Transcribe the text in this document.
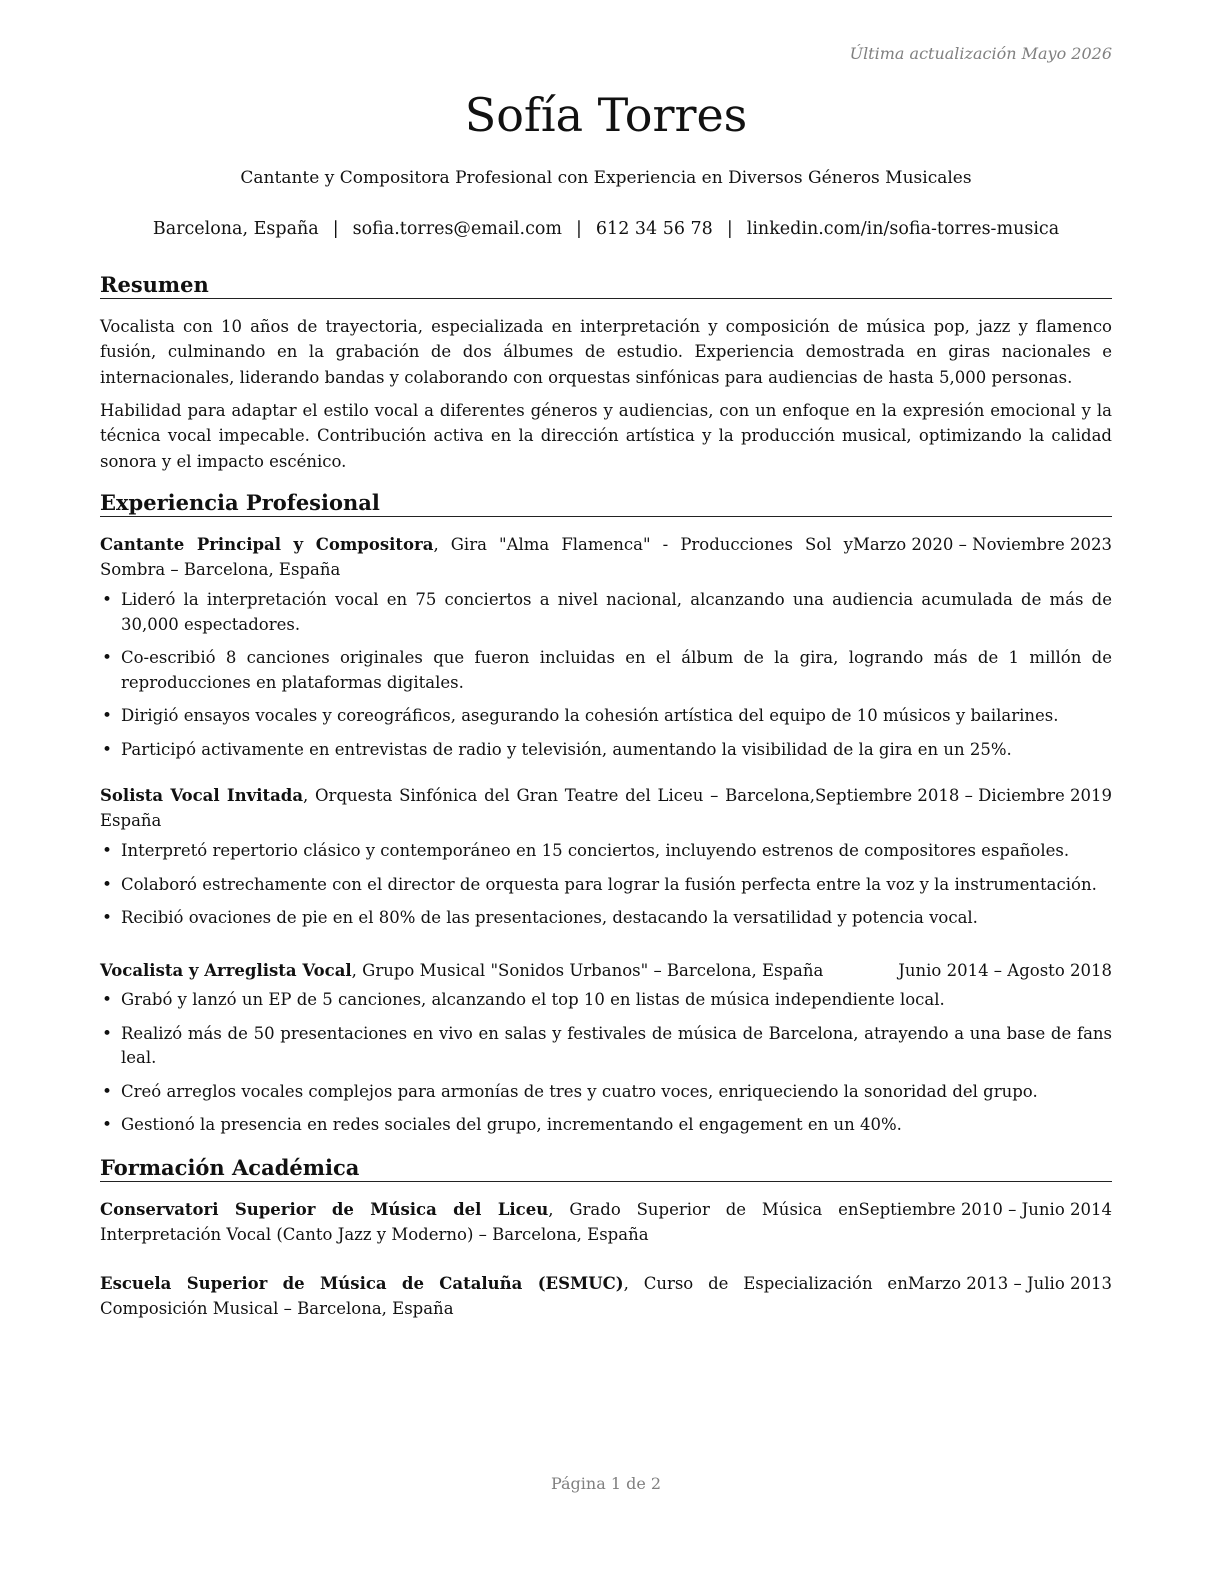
Última actualización Mayo 2026

Sofía Torres

Cantante y Compositora Profesional con Experiencia en Diversos Géneros Musicales

Barcelona, España | sofia.torres@email.com | 612 34 56 78 | linkedin.com/in/sofia-torres-musica

Resumen

Vocalista con 10 años de trayectoria, especializada en interpretación y composición de música pop, jazz y flamenco fusión, culminando en la grabación de dos álbumes de estudio. Experiencia demostrada en giras nacionales e internacionales, liderando bandas y colaborando con orquestas sinfónicas para audiencias de hasta 5,000 personas.

Habilidad para adaptar el estilo vocal a diferentes géneros y audiencias, con un enfoque en la expresión emocional y la técnica vocal impecable. Contribución activa en la dirección artística y la producción musical, optimizando la calidad sonora y el impacto escénico.

Experiencia Profesional

Marzo 2020 – Noviembre 2023
Cantante Principal y Compositora, Gira "Alma Flamenca" - Producciones Sol y Sombra – Barcelona, España

• Lideró la interpretación vocal en 75 conciertos a nivel nacional, alcanzando una audiencia acumulada de más de 30,000 espectadores.
• Co-escribió 8 canciones originales que fueron incluidas en el álbum de la gira, logrando más de 1 millón de reproducciones en plataformas digitales.
• Dirigió ensayos vocales y coreográficos, asegurando la cohesión artística del equipo de 10 músicos y bailarines.
• Participó activamente en entrevistas de radio y televisión, aumentando la visibilidad de la gira en un 25%.

Septiembre 2018 – Diciembre 2019
Solista Vocal Invitada, Orquesta Sinfónica del Gran Teatre del Liceu – Barcelona, España

• Interpretó repertorio clásico y contemporáneo en 15 conciertos, incluyendo estrenos de compositores españoles.
• Colaboró estrechamente con el director de orquesta para lograr la fusión perfecta entre la voz y la instrumentación.
• Recibió ovaciones de pie en el 80% de las presentaciones, destacando la versatilidad y potencia vocal.

Junio 2014 – Agosto 2018
Vocalista y Arreglista Vocal, Grupo Musical "Sonidos Urbanos" – Barcelona, España

• Grabó y lanzó un EP de 5 canciones, alcanzando el top 10 en listas de música independiente local.
• Realizó más de 50 presentaciones en vivo en salas y festivales de música de Barcelona, atrayendo a una base de fans leal.
• Creó arreglos vocales complejos para armonías de tres y cuatro voces, enriqueciendo la sonoridad del grupo.
• Gestionó la presencia en redes sociales del grupo, incrementando el engagement en un 40%.
Formación Académica

Septiembre 2010 – Junio 2014
Conservatori Superior de Música del Liceu, Grado Superior de Música en Interpretación Vocal (Canto Jazz y Moderno) – Barcelona, España

Marzo 2013 – Julio 2013
Escuela Superior de Música de Cataluña (ESMUC), Curso de Especialización en Composición Musical – Barcelona, España

Página 1 de 2
